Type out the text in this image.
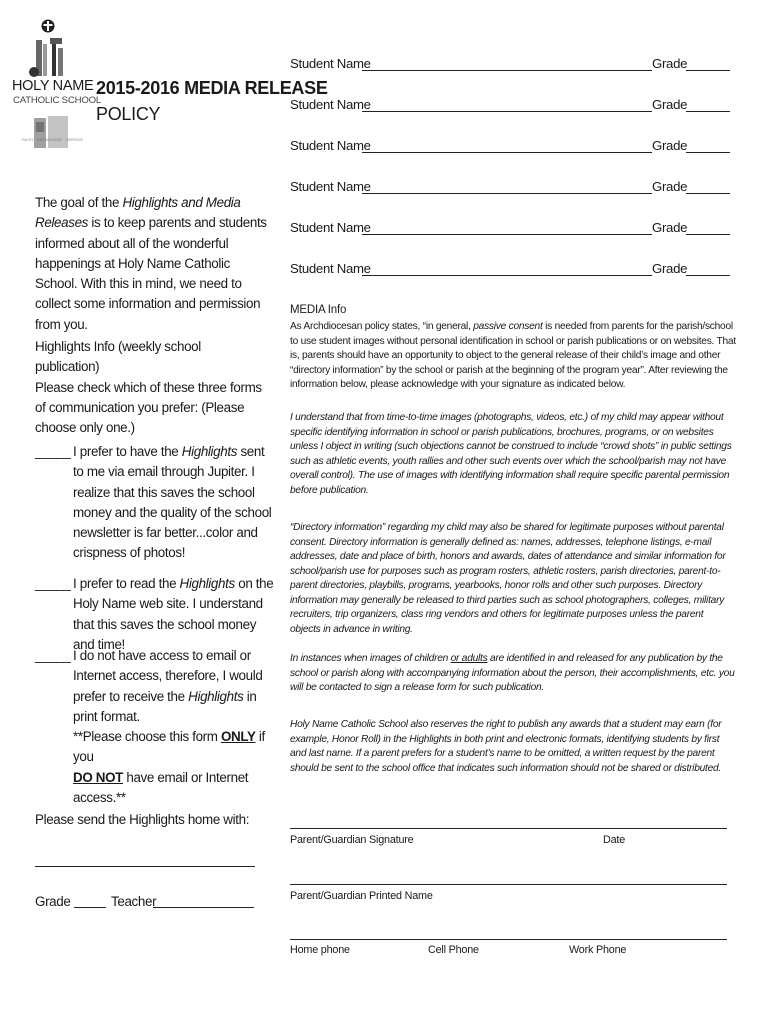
HOLY NAME
CATHOLIC SCHOOL
FAITH · KNOWLEDGE · SERVICE
2015-2016 MEDIA RELEASE
POLICY
The goal of the Highlights and Media Releases is to keep parents and students informed about all of the wonderful happenings at Holy Name Catholic School. With this in mind, we need to collect some information and permission from you.
Highlights Info (weekly school publication)
Please check which of these three forms of communication you prefer: (Please choose only one.)
_____ I prefer to have the Highlights sent to me via email through Jupiter. I realize that this saves the school money and the quality of the school newsletter is far better...color and crispness of photos!
_____ I prefer to read the Highlights on the Holy Name web site. I understand that this saves the school money and time!
_____ I do not have access to email or Internet access, therefore, I would prefer to receive the Highlights in print format.
**Please choose this form ONLY if you
DO NOT have email or Internet access.**
Please send the Highlights home with:
Grade	Teacher
Student Name	Grade
Student Name	Grade
Student Name	Grade
Student Name	Grade
Student Name	Grade
Student Name	Grade
MEDIA Info
As Archdiocesan policy states, “in general, passive consent is needed from parents for the parish/school to use student images without personal identification in school or parish publications or on websites. That is, parents should have an opportunity to object to the general release of their child’s image and other “directory information” by the school or parish at the beginning of the program year”. After reviewing the information below, please acknowledge with your signature as indicated below.
I understand that from time-to-time images (photographs, videos, etc.) of my child may appear without specific identifying information in school or parish publications, brochures, programs, or on websites unless I object in writing (such objections cannot be construed to include “crowd shots” in public settings such as athletic events, youth rallies and other such events over which the school/parish may not have overall control). The use of images with identifying information shall require specific parental permission before publication.
“Directory information” regarding my child may also be shared for legitimate purposes without parental consent. Directory information is generally defined as: names, addresses, telephone listings, e-mail addresses, date and place of birth, honors and awards, dates of attendance and similar information for school/parish use for purposes such as program rosters, athletic rosters, parish directories, parent-to-parent directories, playbills, programs, yearbooks, honor rolls and other such purposes. Directory information may generally be released to third parties such as school photographers, colleges, military recruiters, trip organizers, class ring vendors and others for legitimate purposes unless the parent objects in advance in writing.
In instances when images of children or adults are identified in and released for any publication by the school or parish along with accompanying information about the person, their accomplishments, etc. you will be contacted to sign a release form for such publication.
Holy Name Catholic School also reserves the right to publish any awards that a student may earn (for example, Honor Roll) in the Highlights in both print and electronic formats, identifying students by first and last name. If a parent prefers for a student’s name to be omitted, a written request by the parent should be sent to the school office that indicates such information should not be shared or distributed.
Parent/Guardian Signature	Date
Parent/Guardian Printed Name
Home phone	Cell Phone	Work Phone
